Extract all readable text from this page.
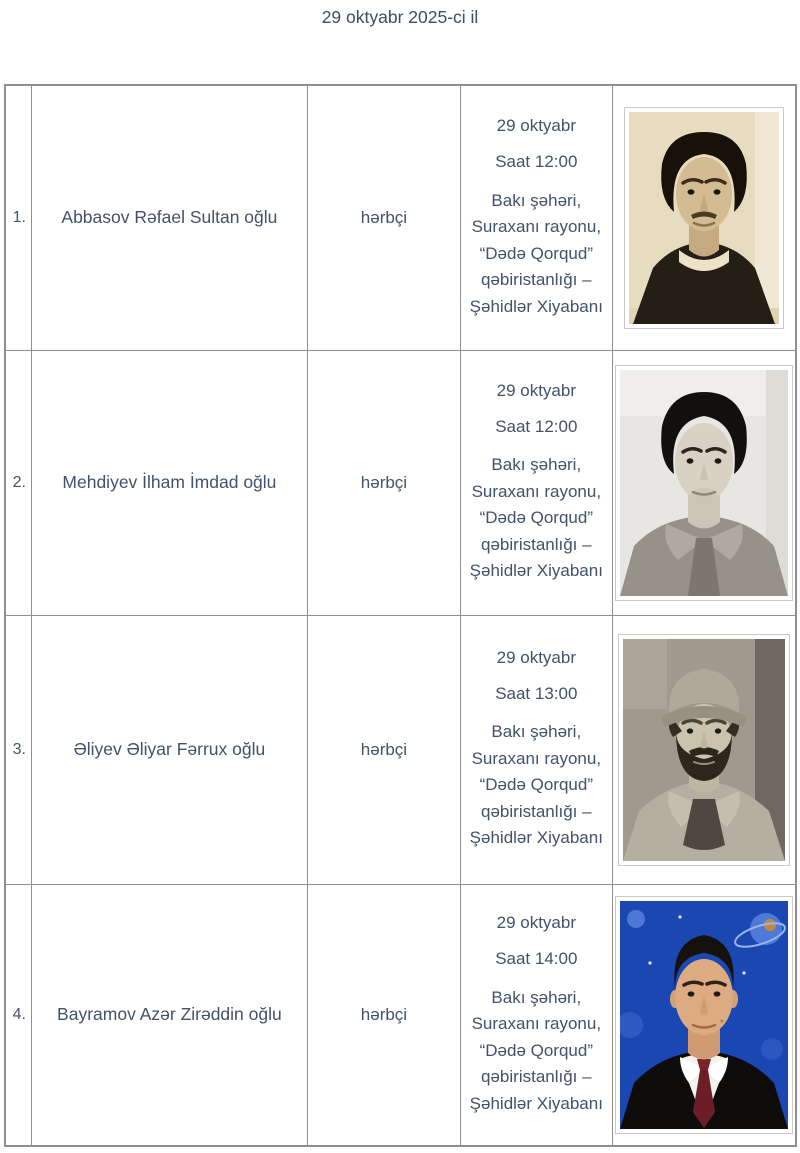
29 oktyabr 2025-ci il
1.	Abbasov Rəfael Sultan oğlu	hərbçi	29 oktyabr

Saat 12:00

Bakı şəhəri, Suraxanı rayonu, “Dədə Qorqud” qəbiristanlığı – Şəhidlər Xiyabanı

2.	Mehdiyev İlham İmdad oğlu	hərbçi	29 oktyabr

Saat 12:00

Bakı şəhəri, Suraxanı rayonu, “Dədə Qorqud” qəbiristanlığı – Şəhidlər Xiyabanı

3.	Əliyev Əliyar Fərrux oğlu	hərbçi	29 oktyabr

Saat 13:00

Bakı şəhəri, Suraxanı rayonu, “Dədə Qorqud” qəbiristanlığı – Şəhidlər Xiyabanı

4.	Bayramov Azər Zirəddin oğlu	hərbçi	29 oktyabr

Saat 14:00

Bakı şəhəri, Suraxanı rayonu, “Dədə Qorqud” qəbiristanlığı – Şəhidlər Xiyabanı
